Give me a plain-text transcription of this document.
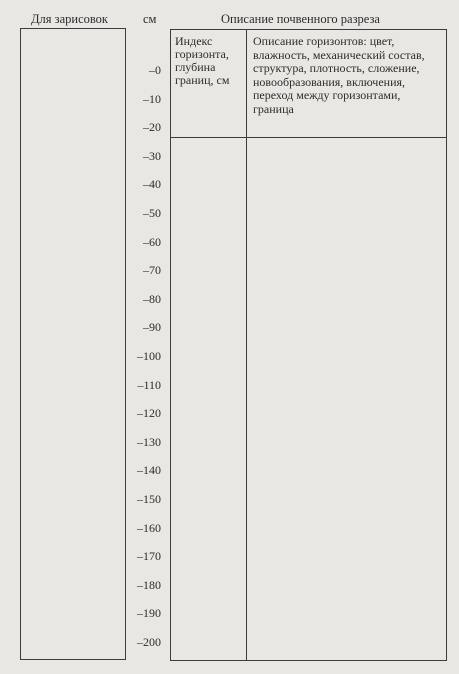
Для зарисовок	см	Описание почвенного разреза
–0
–10
–20
–30
–40
–50
–60
–70
–80
–90
–100
–110
–120
–130
–140
–150
–160
–170
–180
–190
–200
Индекс горизонта, глубина границ, см
Описание горизонтов: цвет, влажность, механический состав, структура, плотность, сложение, новообразования, включения, переход между горизонтами, граница
